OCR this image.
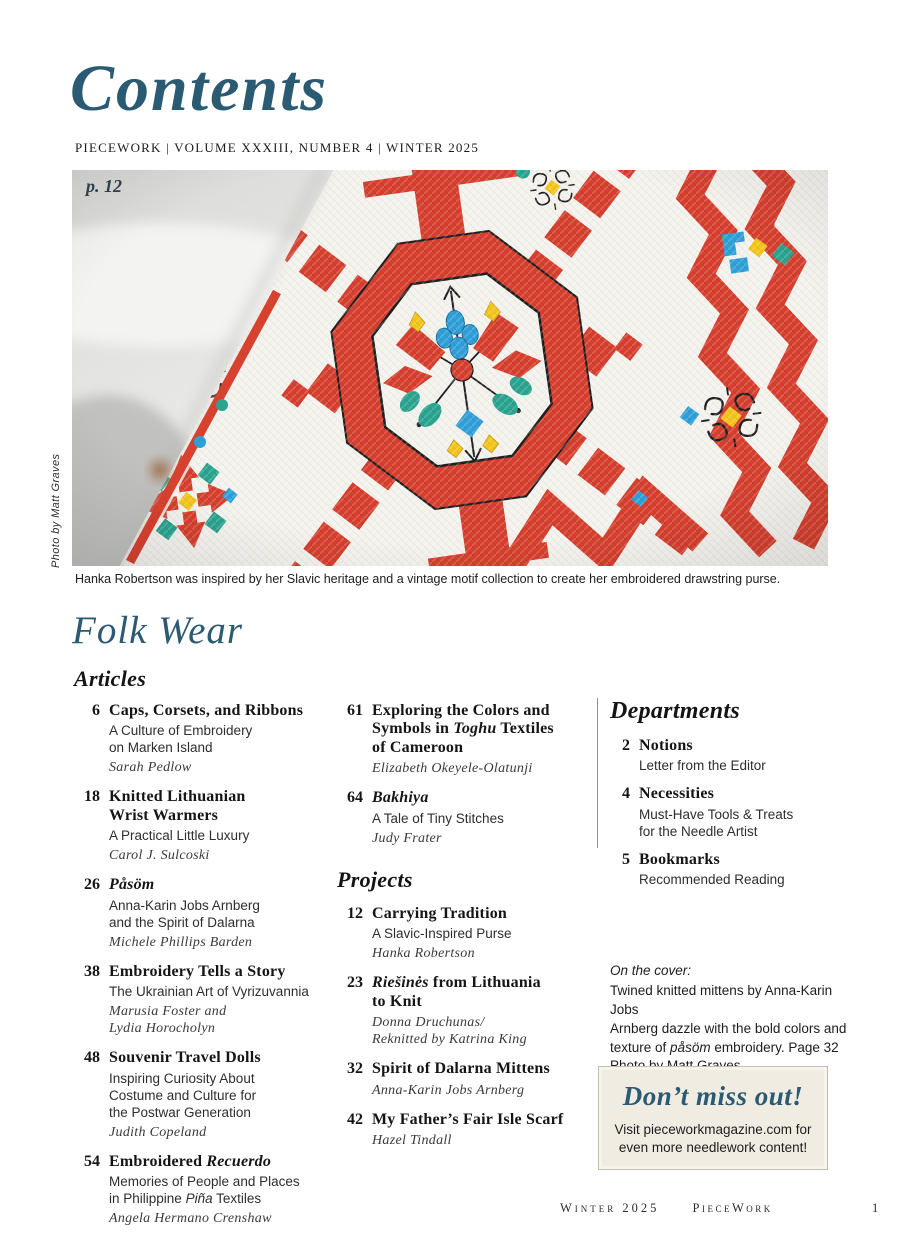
Contents
PIECEWORK | VOLUME XXXIII, NUMBER 4 | WINTER 2025
p. 12
Photo by Matt Graves
Hanka Robertson was inspired by her Slavic heritage and a vintage motif collection to create her embroidered drawstring purse.
Folk Wear
Articles
6 Caps, Corsets, and Ribbons
A Culture of Embroidery
on Marken Island
Sarah Pedlow
18 Knitted Lithuanian
Wrist Warmers
A Practical Little Luxury
Carol J. Sulcoski
26 Påsöm
Anna-Karin Jobs Arnberg
and the Spirit of Dalarna
Michele Phillips Barden
38 Embroidery Tells a Story
The Ukrainian Art of Vyrizuvannia
Marusia Foster and
Lydia Horocholyn
48 Souvenir Travel Dolls
Inspiring Curiosity About
Costume and Culture for
the Postwar Generation
Judith Copeland
54 Embroidered Recuerdo
Memories of People and Places
in Philippine Piña Textiles
Angela Hermano Crenshaw
61 Exploring the Colors and
Symbols in Toghu Textiles
of Cameroon
Elizabeth Okeyele-Olatunji
64 Bakhiya
A Tale of Tiny Stitches
Judy Frater
Projects
12 Carrying Tradition
A Slavic-Inspired Purse
Hanka Robertson
23 Riešinės from Lithuania
to Knit
Donna Druchunas/
Reknitted by Katrina King
32 Spirit of Dalarna Mittens
Anna-Karin Jobs Arnberg
42 My Father’s Fair Isle Scarf
Hazel Tindall
Departments
2 Notions
Letter from the Editor
4 Necessities
Must-Have Tools & Treats
for the Needle Artist
5 Bookmarks
Recommended Reading
On the cover:
Twined knitted mittens by Anna-Karin Jobs
Arnberg dazzle with the bold colors and
texture of påsöm embroidery. Page 32

Don’t miss out!
Visit pieceworkmagazine.com for
even more needlework content!
Winter 2025	PieceWork	1
